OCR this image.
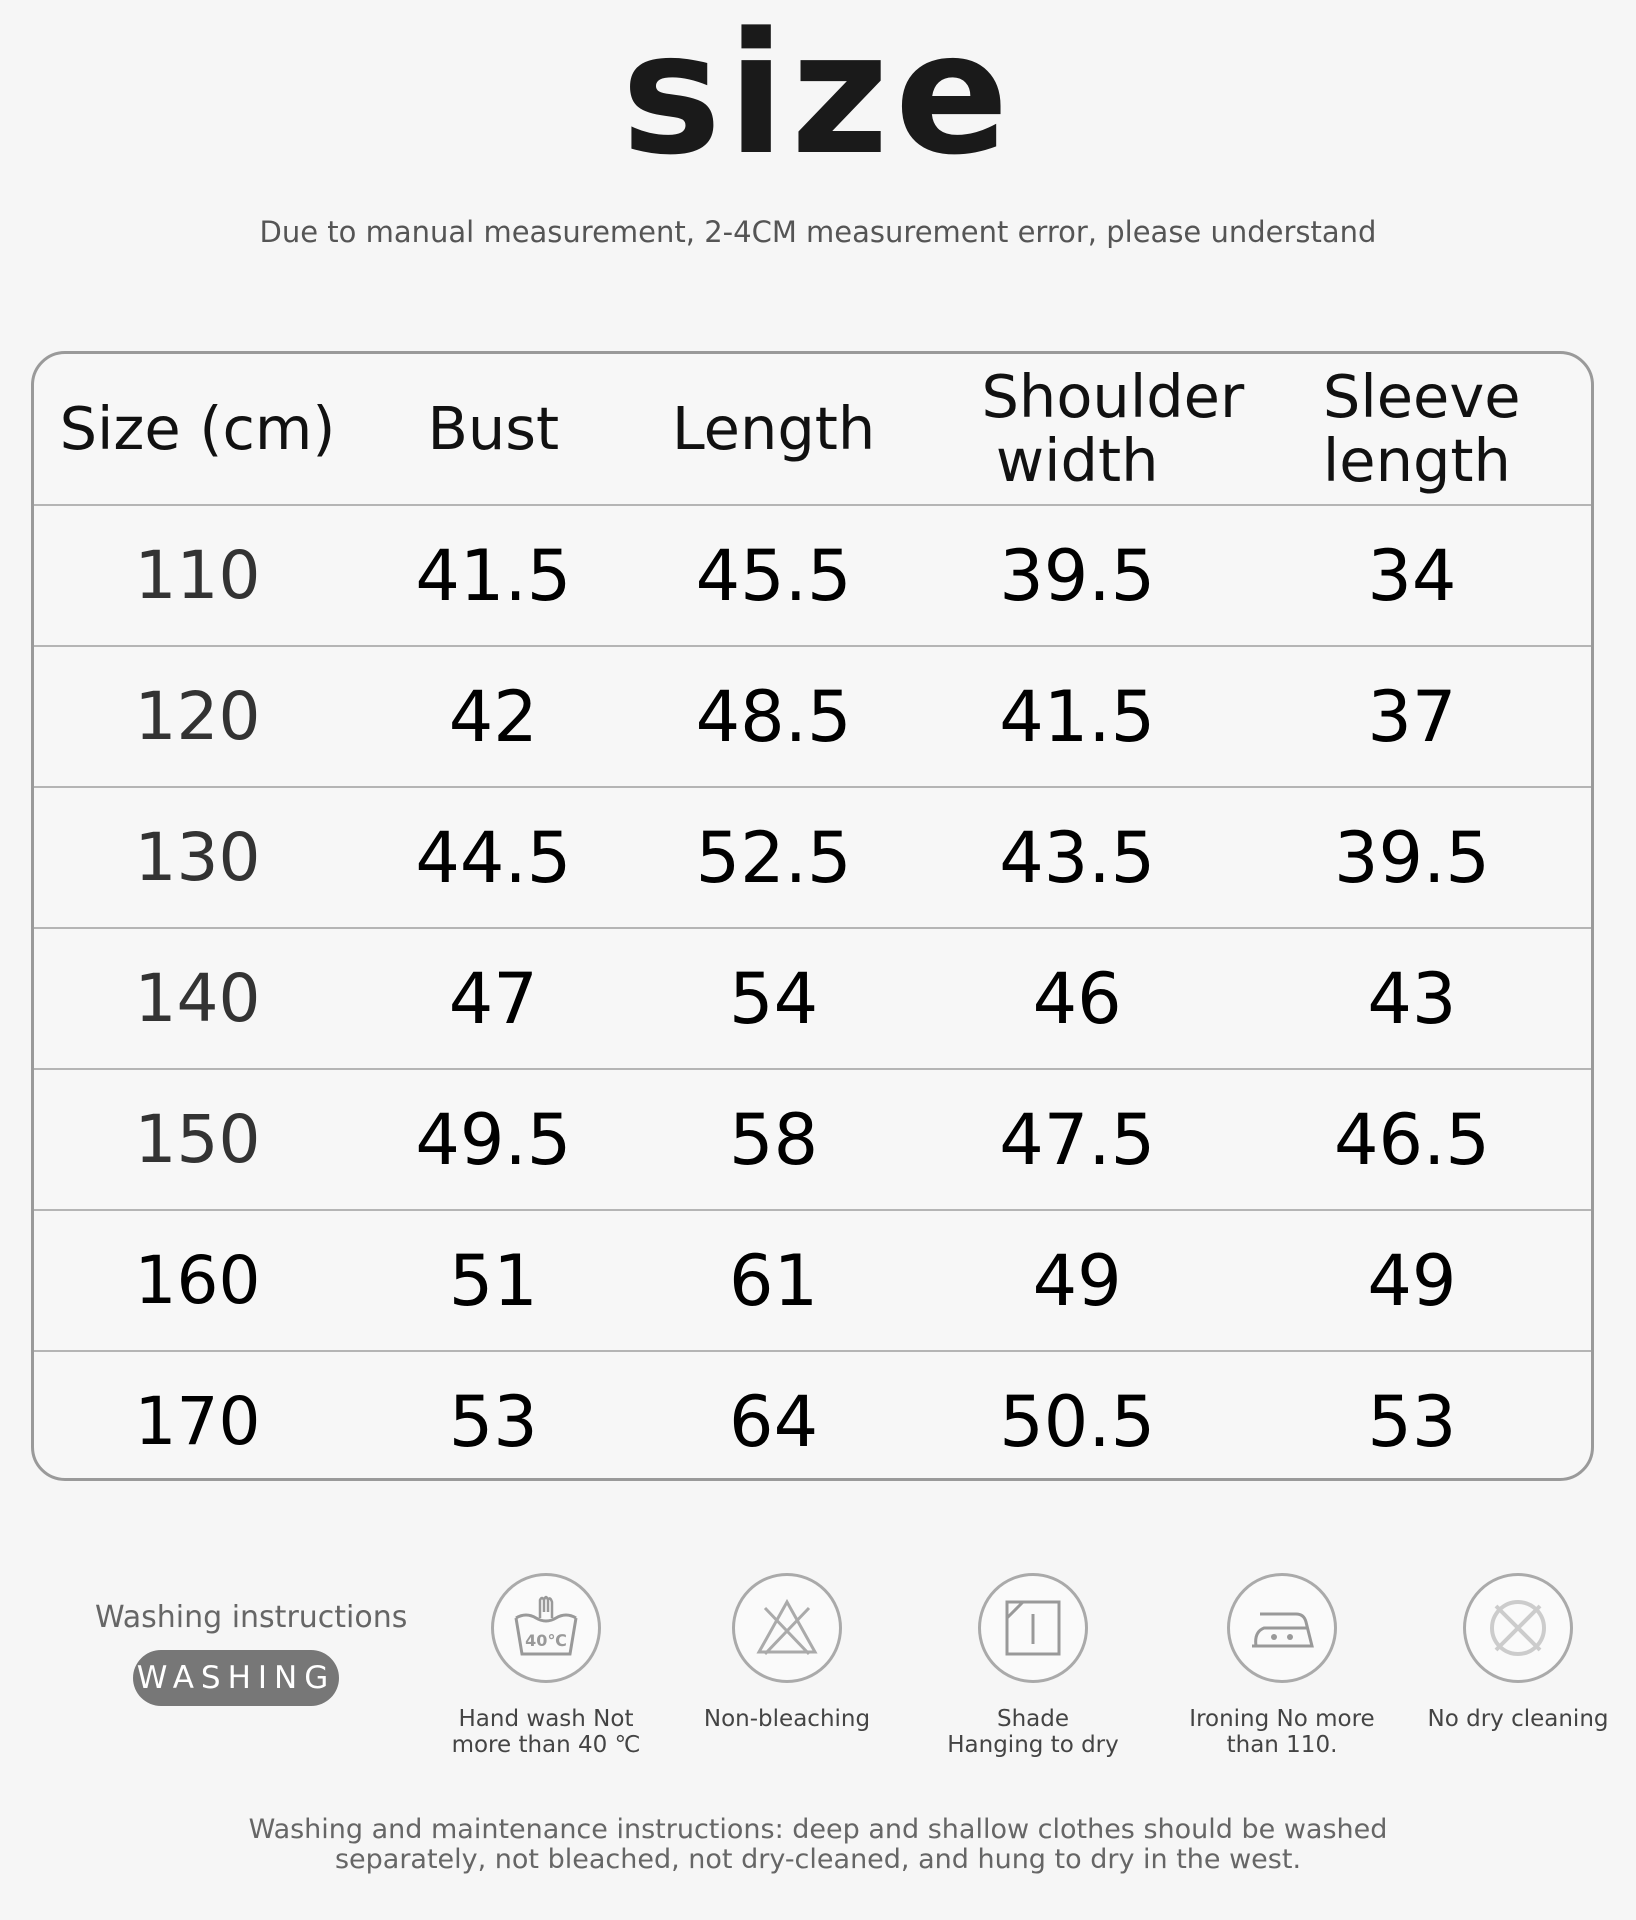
size
Due to manual measurement, 2-4CM measurement error, please understand
Size (cm)	Bust	Length	Shoulder width	Sleeve length
110	41.5	45.5	39.5	34
120	42	48.5	41.5	37
130	44.5	52.5	43.5	39.5
140	47	54	46	43
150	49.5	58	47.5	46.5
160	51	61	49	49
170	53	64	50.5	53
Washing instructions
WASHING
40℃
Hand wash Not
more than 40 ℃
Non-bleaching	Shade
Hanging to dry
Ironing No more
than 110.
No dry cleaning
Washing and maintenance instructions: deep and shallow clothes should be washed
separately, not bleached, not dry-cleaned, and hung to dry in the west.
